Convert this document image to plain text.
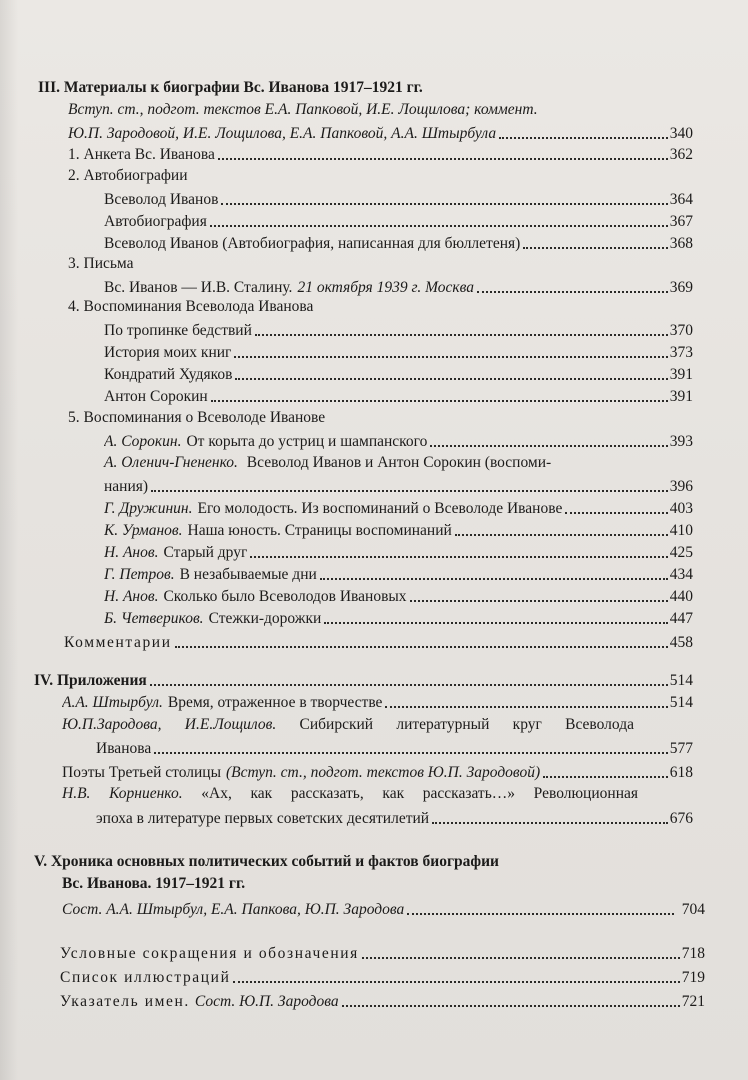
III. Материалы к биографии Вс. Иванова 1917–1921 гг.
Вступ. ст., подгот. текстов Е.А. Папковой, И.Е. Лощилова; коммент.
Ю.П. Зародовой, И.Е. Лощилова, Е.А. Папковой, А.А. Штырбула	340
1. Анкета Вс. Иванова	362
2. Автобиографии
Всеволод Иванов	364
Автобиография	367
Всеволод Иванов (Автобиография, написанная для бюллетеня)	368
3. Письма
Вс. Иванов — И.В. Сталину. 21 октября 1939 г. Москва	369
4. Воспоминания Всеволода Иванова
По тропинке бедствий	370
История моих книг	373
Кондратий Худяков	391
Антон Сорокин	391
5. Воспоминания о Всеволоде Иванове
А. Сорокин. От корыта до устриц и шампанского	393
А. Оленич-Гнененко. Всеволод Иванов и Антон Сорокин (воспоми-
нания)	396
Г. Дружинин. Его молодость. Из воспоминаний о Всеволоде Иванове	403
К. Урманов. Наша юность. Страницы воспоминаний	410
Н. Анов. Старый друг	425
Г. Петров. В незабываемые дни	434
Н. Анов. Сколько было Всеволодов Ивановых	440
Б. Четвериков. Стежки-дорожки	447
Комментарии	458
IV. Приложения	514
А.А. Штырбул. Время, отраженное в творчестве	514
Ю.П.Зародова, И.Е.Лощилов. Сибирский литературный круг Всеволода
Иванова	577
Поэты Третьей столицы (Вступ. ст., подгот. текстов Ю.П. Зародовой)	618
Н.В. Корниенко. «Ах, как рассказать, как рассказать…» Революционная
эпоха в литературе первых советских десятилетий	676
V. Хроника основных политических событий и фактов биографии
Вс. Иванова. 1917–1921 гг.
Сост. А.А. Штырбул, Е.А. Папкова, Ю.П. Зародова	704
Условные сокращения и обозначения	718
Список иллюстраций	719
Указатель имен. Сост. Ю.П. Зародова	721
